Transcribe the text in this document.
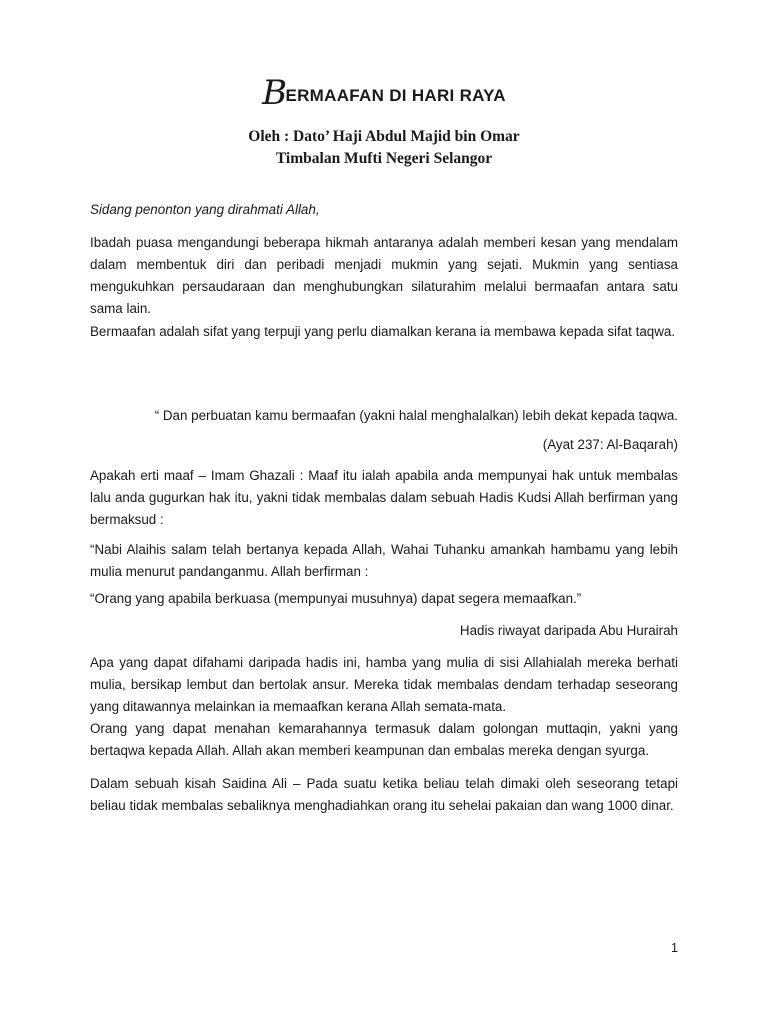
BERMAAFAN DI HARI RAYA
Oleh : Dato’ Haji Abdul Majid bin Omar
Timbalan Mufti Negeri Selangor

Sidang penonton yang dirahmati Allah,

Ibadah puasa mengandungi beberapa hikmah antaranya adalah memberi kesan yang mendalam dalam membentuk diri dan peribadi menjadi mukmin yang sejati. Mukmin yang sentiasa mengukuhkan persaudaraan dan menghubungkan silaturahim melalui bermaafan antara satu sama lain.

Bermaafan adalah sifat yang terpuji yang perlu diamalkan kerana ia membawa kepada sifat taqwa.

“ Dan perbuatan kamu bermaafan (yakni halal menghalalkan) lebih dekat kepada taqwa.

(Ayat 237: Al-Baqarah)

Apakah erti maaf – Imam Ghazali : Maaf itu ialah apabila anda mempunyai hak untuk membalas lalu anda gugurkan hak itu, yakni tidak membalas dalam sebuah Hadis Kudsi Allah berfirman yang bermaksud :

“Nabi Alaihis salam telah bertanya kepada Allah, Wahai Tuhanku amankah hambamu yang lebih mulia menurut pandanganmu. Allah berfirman :

“Orang yang apabila berkuasa (mempunyai musuhnya) dapat segera memaafkan.”

Hadis riwayat daripada Abu Hurairah

Apa yang dapat difahami daripada hadis ini, hamba yang mulia di sisi Allahialah mereka berhati mulia, bersikap lembut dan bertolak ansur. Mereka tidak membalas dendam terhadap seseorang yang ditawannya melainkan ia memaafkan kerana Allah semata-mata.

Orang yang dapat menahan kemarahannya termasuk dalam golongan muttaqin, yakni yang bertaqwa kepada Allah. Allah akan memberi keampunan dan embalas mereka dengan syurga.

Dalam sebuah kisah Saidina Ali – Pada suatu ketika beliau telah dimaki oleh seseorang tetapi beliau tidak membalas sebaliknya menghadiahkan orang itu sehelai pakaian dan wang 1000 dinar.

1
